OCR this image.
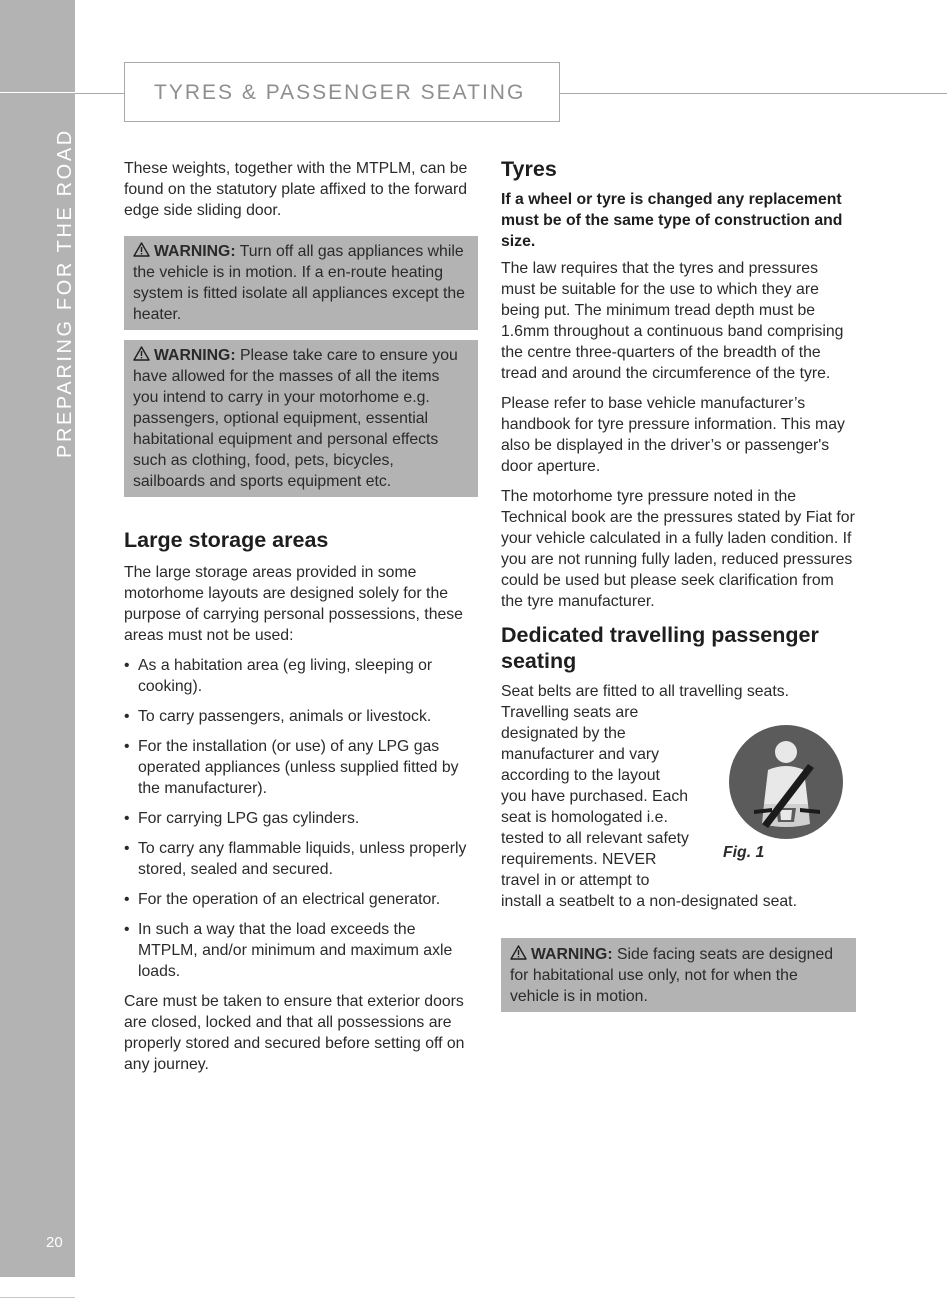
PREPARING FOR THE ROAD
20
TYRES & PASSENGER SEATING

These weights, together with the MTPLM, can be found on the statutory plate affixed to the forward edge side sliding door.

WARNING: Turn off all gas appliances while the vehicle is in motion. If a en-route heating system is fitted isolate all appliances except the heater.
WARNING: Please take care to ensure you have allowed for the masses of all the items you intend to carry in your motorhome e.g. passengers, optional equipment, essential habitational equipment and personal effects such as clothing, food, pets, bicycles, sailboards and sports equipment etc.
Large storage areas

The large storage areas provided in some motorhome layouts are designed solely for the purpose of carrying personal possessions, these areas must not be used:

• As a habitation area (eg living, sleeping or cooking).
• To carry passengers, animals or livestock.
• For the installation (or use) of any LPG gas operated appliances (unless supplied fitted by the manufacturer).
• For carrying LPG gas cylinders.
• To carry any flammable liquids, unless properly stored, sealed and secured.
• For the operation of an electrical generator.
• In such a way that the load exceeds the MTPLM, and/or minimum and maximum axle loads.

Care must be taken to ensure that exterior doors are closed, locked and that all possessions are properly stored and secured before setting off on any journey.

Tyres

If a wheel or tyre is changed any replacement must be of the same type of construction and size.

The law requires that the tyres and pressures must be suitable for the use to which they are being put. The minimum tread depth must be 1.6mm throughout a continuous band comprising the centre three-quarters of the breadth of the tread and around the circumference of the tyre.

Please refer to base vehicle manufacturer’s handbook for tyre pressure information. This may also be displayed in the driver’s or passenger's door aperture.

The motorhome tyre pressure noted in the Technical book are the pressures stated by Fiat for your vehicle calculated in a fully laden condition. If you are not running fully laden, reduced pressures could be used but please seek clarification from the tyre manufacturer.

Dedicated travelling passenger seating
Seat belts are fitted to all travelling seats.
Travelling seats are
designated by the
manufacturer and vary
according to the layout
you have purchased. Each
seat is homologated i.e.
tested to all relevant safety
requirements. NEVER
travel in or attempt to
install a seatbelt to a non-designated seat.
Fig. 1
WARNING: Side facing seats are designed for habitational use only, not for when the vehicle is in motion.
